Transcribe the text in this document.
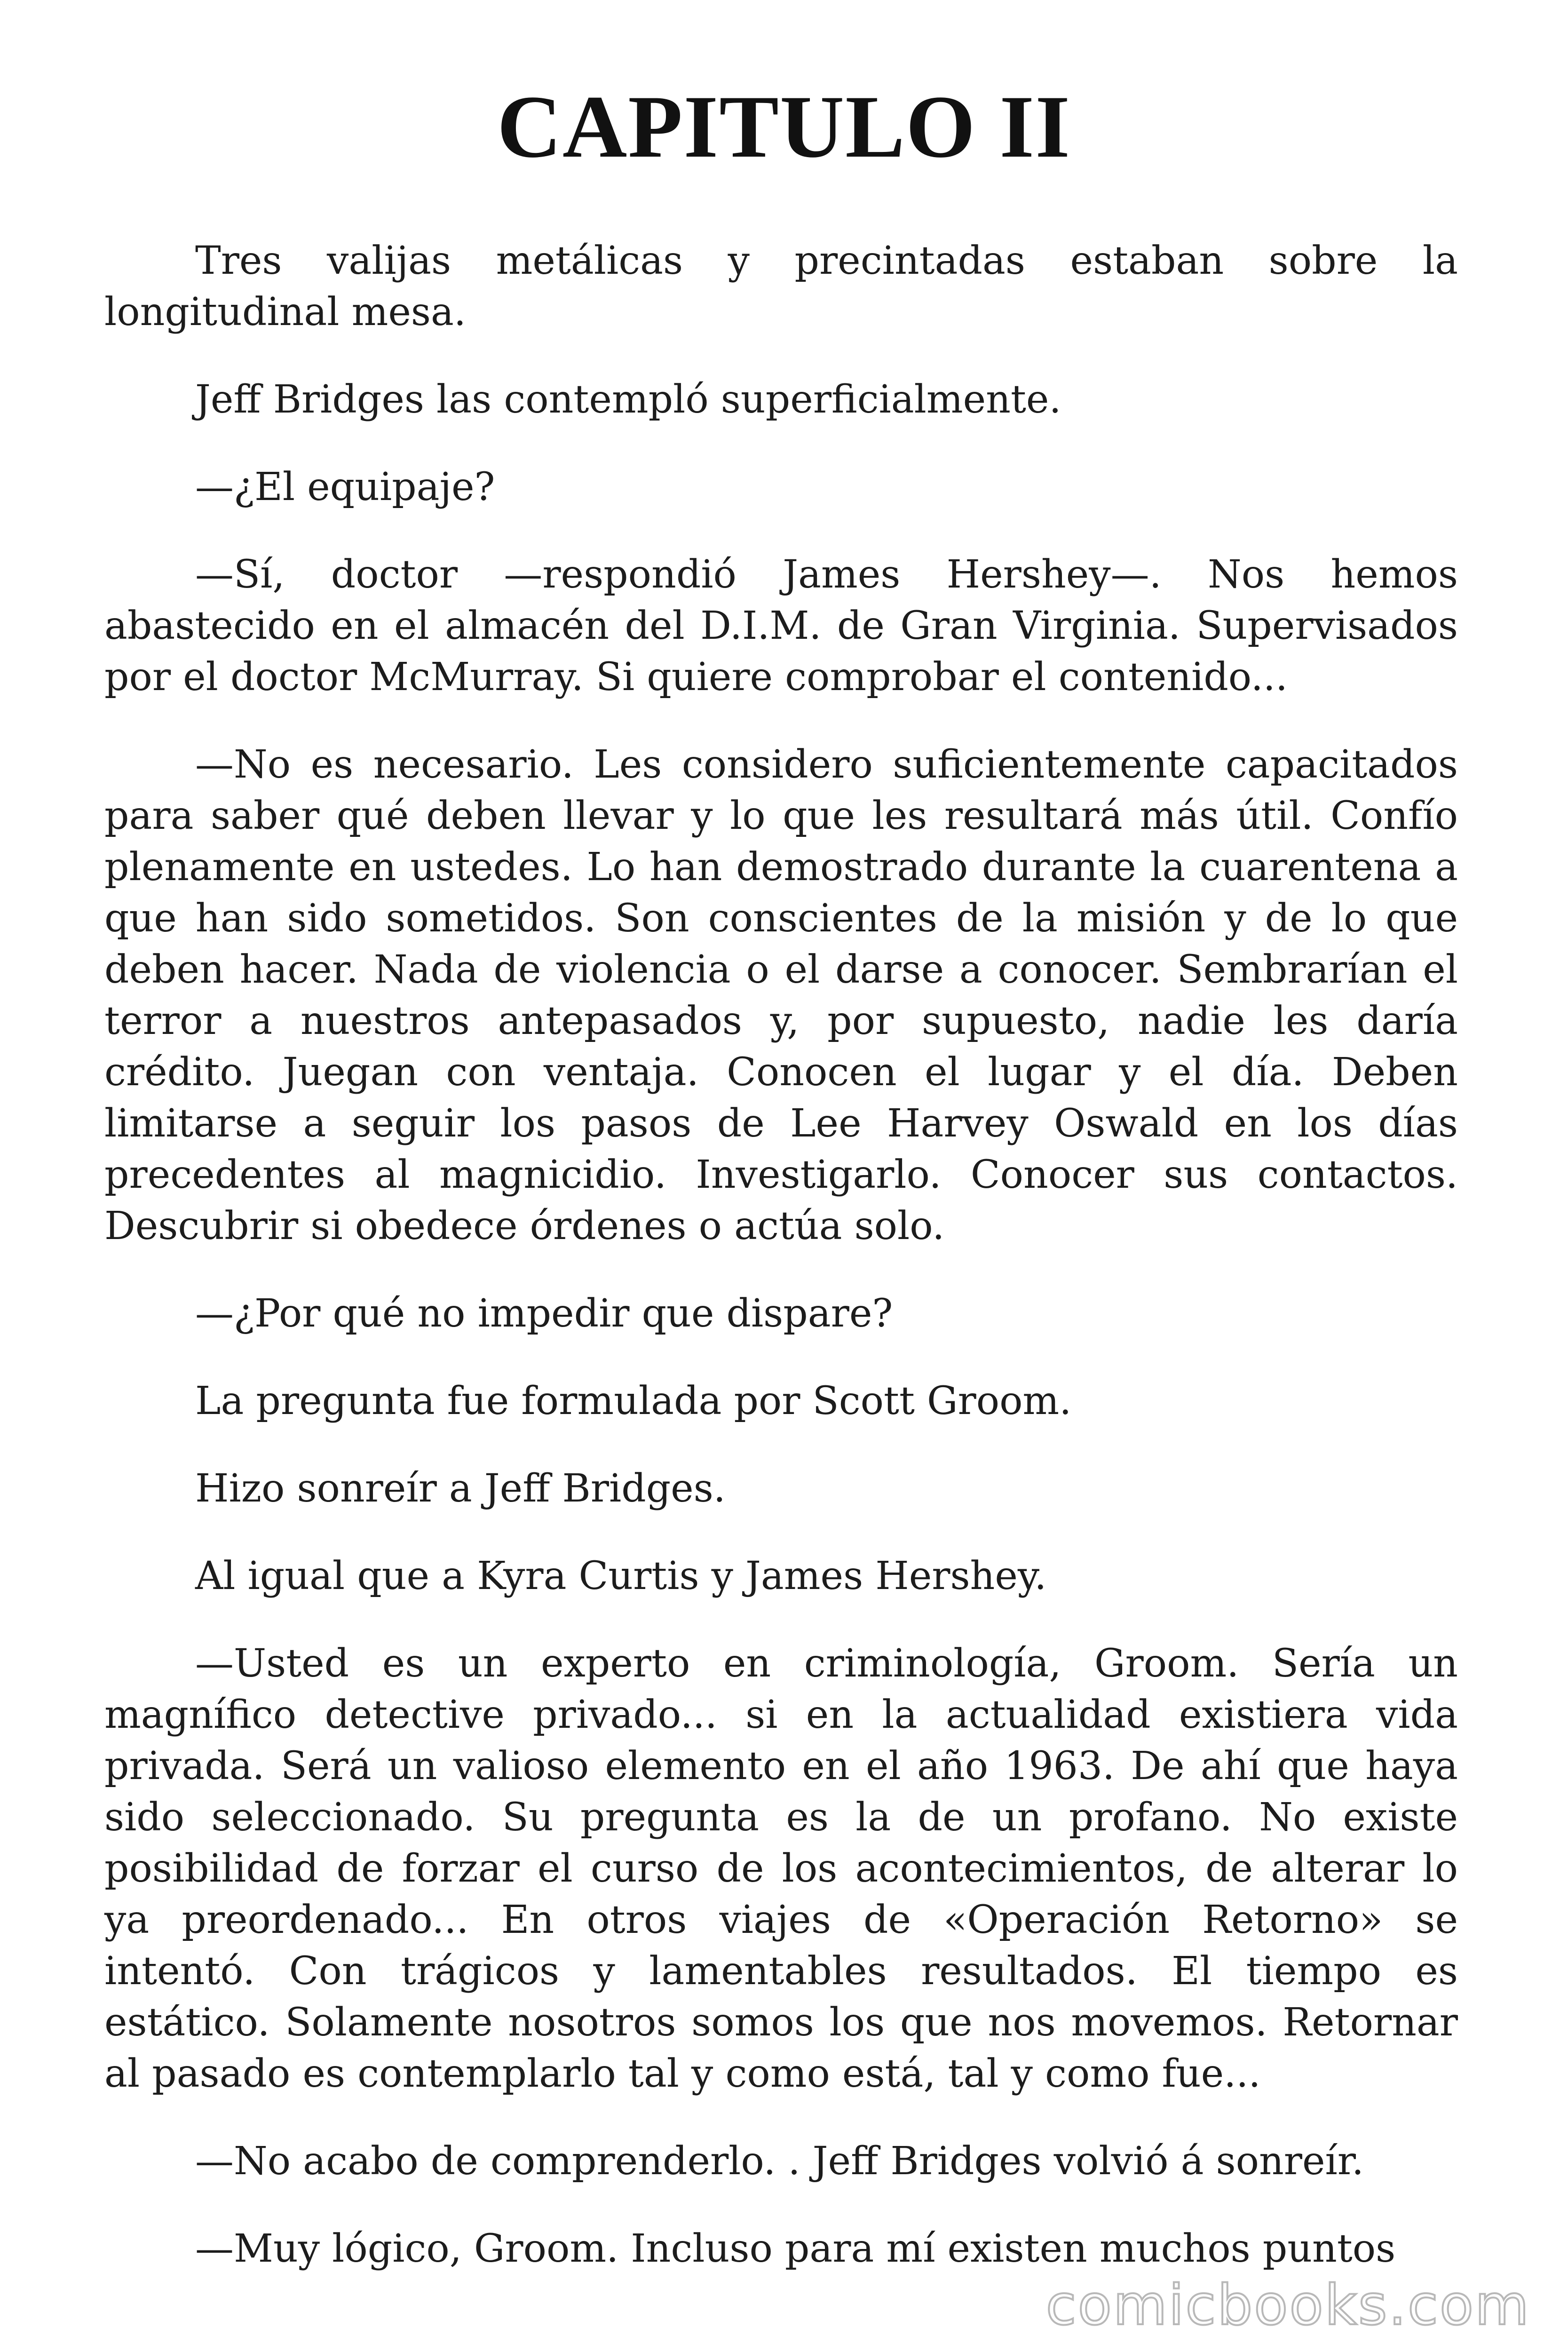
CAPITULO II

Tres valijas metálicas y precintadas estaban sobre la longitudinal mesa.

Jeff Bridges las contempló superficialmente.

—¿El equipaje?

—Sí, doctor —respondió James Hershey—. Nos hemos abastecido en el almacén del D.I.M. de Gran Virginia. Supervisados por el doctor McMurray. Si quiere comprobar el contenido...

—No es necesario. Les considero suficientemente capacitados para saber qué deben llevar y lo que les resultará más útil. Confío plenamente en ustedes. Lo han demostrado durante la cuarentena a que han sido sometidos. Son conscientes de la misión y de lo que deben hacer. Nada de violencia o el darse a conocer. Sembrarían el terror a nuestros antepasados y, por supuesto, nadie les daría crédito. Juegan con ventaja. Conocen el lugar y el día. Deben limitarse a seguir los pasos de Lee Harvey Oswald en los días precedentes al magnicidio. Investigarlo. Conocer sus contactos. Descubrir si obedece órdenes o actúa solo.

—¿Por qué no impedir que dispare?

La pregunta fue formulada por Scott Groom.

Hizo sonreír a Jeff Bridges.

Al igual que a Kyra Curtis y James Hershey.

—Usted es un experto en criminología, Groom. Sería un magnífico detective privado... si en la actualidad existiera vida privada. Será un valioso elemento en el año 1963. De ahí que haya sido seleccionado. Su pregunta es la de un profano. No existe posibilidad de forzar el curso de los acontecimientos, de alterar lo ya preordenado... En otros viajes de «Operación Retorno» se intentó. Con trágicos y lamentables resultados. El tiempo es estático. Solamente nosotros somos los que nos movemos. Retornar al pasado es contemplarlo tal y como está, tal y como fue...

—No acabo de comprenderlo. . Jeff Bridges volvió á sonreír.

—Muy lógico, Groom. Incluso para mí existen muchos puntos

comicbooks.com
